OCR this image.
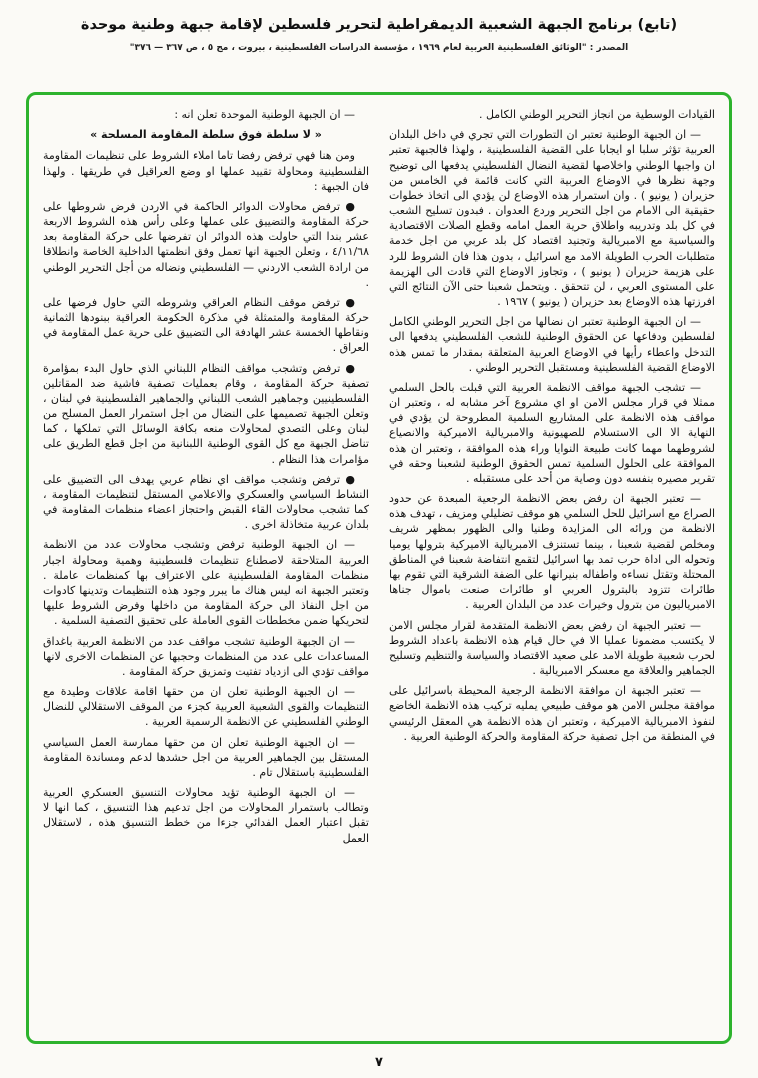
(تابع) برنامج الجبهة الشعبية الديمقراطية لتحرير فلسطين لإقامة جبهة وطنية موحدة

المصدر : "الوثائق الفلسطينية العربية لعام ١٩٦٩ ، مؤسسة الدراسات الفلسطينية ، بيروت ، مج ٥ ، ص ٣٦٧ — ٣٧٦"

القيادات الوسطية من انجاز التحرير الوطني الكامل .

— ان الجبهة الوطنية تعتبر ان التطورات التي تجري في داخل البلدان العربية تؤثر سلبا او ايجابا على القضية الفلسطينية ، ولهذا فالجبهة تعتبر ان واجبها الوطني واخلاصها لقضية النضال الفلسطيني يدفعها الى توضيح وجهة نظرها في الاوضاع العربية التي كانت قائمة في الخامس من حزيران ( يونيو ) . وان استمرار هذه الاوضاع لن يؤدي الى اتخاذ خطوات حقيقية الى الامام من اجل التحرير وردع العدوان . فبدون تسليح الشعب في كل بلد وتدريبه واطلاق حرية العمل امامه وقطع الصلات الاقتصادية والسياسية مع الامبريالية وتجنيد اقتصاد كل بلد عربي من اجل خدمة متطلبات الحرب الطويلة الامد مع اسرائيل ، بدون هذا فان الشروط للرد على هزيمة حزيران ( يونيو ) ، وتجاوز الاوضاع التي قادت الى الهزيمة على المستوى العربي ، لن تتحقق . ويتحمل شعبنا حتى الآن النتائج التي افرزتها هذه الاوضاع بعد حزيران ( يونيو ) ١٩٦٧ .

— ان الجبهة الوطنية تعتبر ان نضالها من اجل التحرير الوطني الكامل لفلسطين ودفاعها عن الحقوق الوطنية للشعب الفلسطيني يدفعها الى التدخل واعطاء رأيها في الاوضاع العربية المتعلقة بمقدار ما تمس هذه الاوضاع القضية الفلسطينية ومستقبل التحرير الوطني .

— تشجب الجبهة مواقف الانظمة العربية التي قبلت بالحل السلمي ممثلا في قرار مجلس الامن او اي مشروع آخر مشابه له ، وتعتبر ان مواقف هذه الانظمة على المشاريع السلمية المطروحة لن يؤدي في النهاية الا الى الاستسلام للصهيونية والامبريالية الاميركية والانصياع لشروطهما مهما كانت طبيعة النوايا وراء هذه الموافقة ، وتعتبر ان هذه الموافقة على الحلول السلمية تمس الحقوق الوطنية لشعبنا وحقه في تقرير مصيره بنفسه دون وصاية من أحد على مستقبله .

— تعتبر الجبهة ان رفض بعض الانظمة الرجعية المبعدة عن حدود الصراع مع اسرائيل للحل السلمي هو موقف تضليلي ومزيف ، تهدف هذه الانظمة من ورائه الى المزايدة وطنيا والى الظهور بمظهر شريف ومخلص لقضية شعبنا ، بينما تستنزف الامبريالية الاميركية بترولها يوميا وتحوله الى اداة حرب تمد بها اسرائيل لتقمع انتفاضة شعبنا في المناطق المحتلة وتقتل نساءه واطفاله بنيرانها على الضفة الشرقية التي تقوم بها طائرات تتزود بالبترول العربي او طائرات صنعت باموال جناها الامبرياليون من بترول وخيرات عدد من البلدان العربية .

— تعتبر الجبهة ان رفض بعض الانظمة المتقدمة لقرار مجلس الامن لا يكتسب مضمونا عمليا الا في حال قيام هذه الانظمة باعداد الشروط لحرب شعبية طويلة الامد على صعيد الاقتصاد والسياسة والتنظيم وتسليح الجماهير والعلاقة مع معسكر الامبريالية .

— تعتبر الجبهة ان موافقة الانظمة الرجعية المحيطة باسرائيل على موافقة مجلس الامن هو موقف طبيعي يمليه تركيب هذه الانظمة الخاضع لنفوذ الامبريالية الاميركية ، وتعتبر ان هذه الانظمة هي المعقل الرئيسي في المنطقة من اجل تصفية حركة المقاومة والحركة الوطنية العربية .

— ان الجبهة الوطنية الموحدة تعلن انه :

« لا سلطة فوق سلطة المقاومة المسلحة »

ومن هنا فهي ترفض رفضا تاما املاء الشروط على تنظيمات المقاومة الفلسطينية ومحاولة تقييد عملها او وضع العراقيل في طريقها . ولهذا فان الجبهة :

● ترفض محاولات الدوائر الحاكمة في الاردن فرض شروطها على حركة المقاومة والتضييق على عملها وعلى رأس هذه الشروط الاربعة عشر بندا التي حاولت هذه الدوائر ان تفرضها على حركة المقاومة بعد ٤/١١/٦٨ ، وتعلن الجبهة انها تعمل وفق انظمتها الداخلية الخاصة وانطلاقا من ارادة الشعب الاردني — الفلسطيني ونضاله من أجل التحرير الوطني .

● ترفض موقف النظام العراقي وشروطه التي حاول فرضها على حركة المقاومة والمتمثلة في مذكرة الحكومة العراقية ببنودها الثمانية ونقاطها الخمسة عشر الهادفة الى التضييق على حرية عمل المقاومة في العراق .

● ترفض وتشجب مواقف النظام اللبناني الذي حاول البدء بمؤامرة تصفية حركة المقاومة ، وقام بعمليات تصفية فاشية ضد المقاتلين الفلسطينيين وجماهير الشعب اللبناني والجماهير الفلسطينية في لبنان ، وتعلن الجبهة تصميمها على النضال من اجل استمرار العمل المسلح من لبنان وعلى التصدي لمحاولات منعه بكافة الوسائل التي تملكها ، كما تناضل الجبهة مع كل القوى الوطنية اللبنانية من اجل قطع الطريق على مؤامرات هذا النظام .

● ترفض وتشجب مواقف اي نظام عربي يهدف الى التضييق على النشاط السياسي والعسكري والاعلامي المستقل لتنظيمات المقاومة ، كما تشجب محاولات القاء القبض واحتجاز اعضاء منظمات المقاومة في بلدان عربية متخاذلة اخرى .

— ان الجبهة الوطنية ترفض وتشجب محاولات عدد من الانظمة العربية المتلاحقة لاصطناع تنظيمات فلسطينية وهمية ومحاولة اجبار منظمات المقاومة الفلسطينية على الاعتراف بها كمنظمات عاملة . وتعتبر الجبهة انه ليس هناك ما يبرر وجود هذه التنظيمات وتدينها كادوات من اجل النفاذ الى حركة المقاومة من داخلها وفرض الشروط عليها لتحريكها ضمن مخططات القوى العاملة على تحقيق التصفية السلمية .

— ان الجبهة الوطنية تشجب مواقف عدد من الانظمة العربية باغداق المساعدات على عدد من المنظمات وحجبها عن المنظمات الاخرى لانها مواقف تؤدي الى ازدياد تفتيت وتمزيق حركة المقاومة .

— ان الجبهة الوطنية تعلن ان من حقها اقامة علاقات وطيدة مع التنظيمات والقوى الشعبية العربية كجزء من الموقف الاستقلالي للنضال الوطني الفلسطيني عن الانظمة الرسمية العربية .

— ان الجبهة الوطنية تعلن ان من حقها ممارسة العمل السياسي المستقل بين الجماهير العربية من اجل حشدها لدعم ومساندة المقاومة الفلسطينية باستقلال تام .

— ان الجبهة الوطنية تؤيد محاولات التنسيق العسكري العربية وتطالب باستمرار المحاولات من اجل تدعيم هذا التنسيق ، كما انها لا تقبل اعتبار العمل الفدائي جزءا من خطط التنسيق هذه ، لاستقلال العمل

٧
